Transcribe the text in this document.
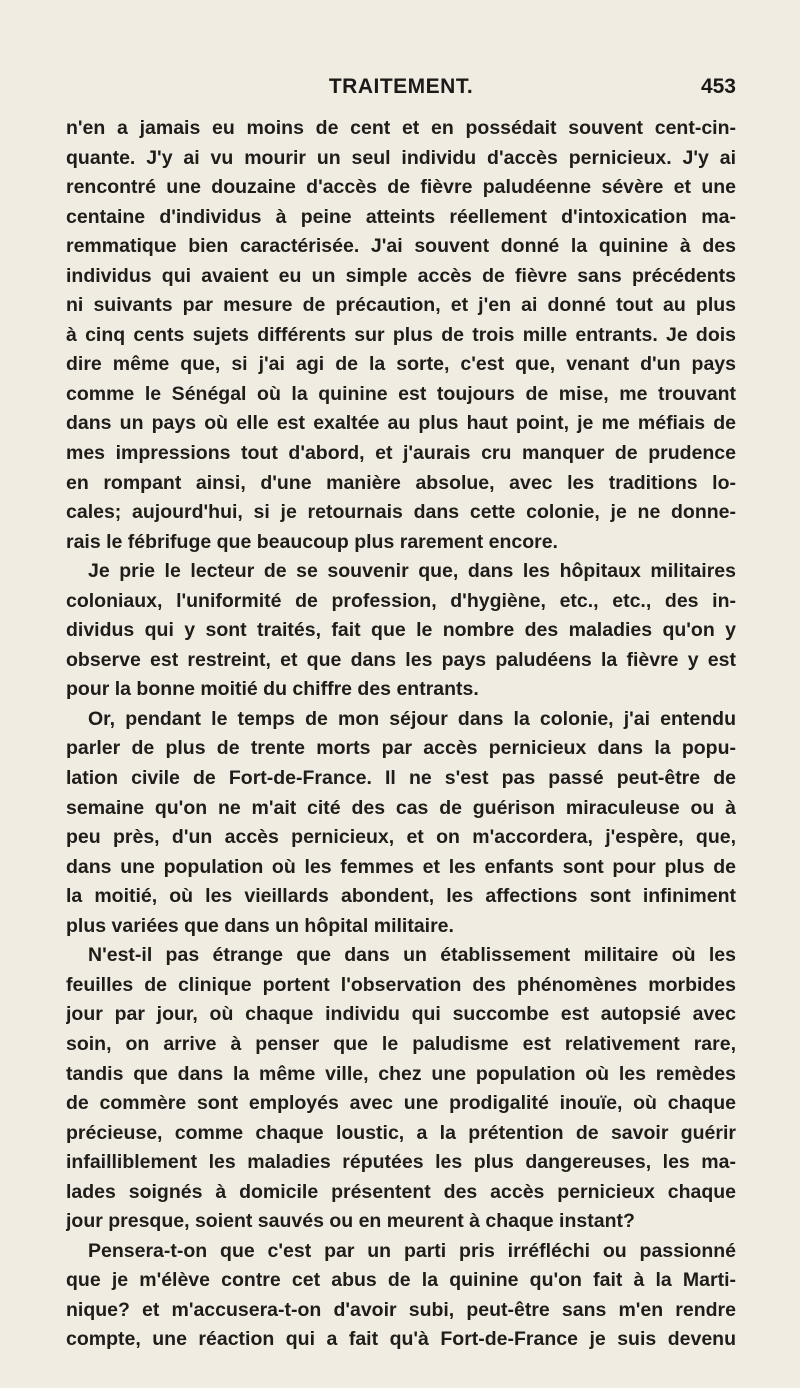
TRAITEMENT.	453
n'en a jamais eu moins de cent et en possédait souvent cent-cin-
quante. J'y ai vu mourir un seul individu d'accès pernicieux. J'y ai
rencontré une douzaine d'accès de fièvre paludéenne sévère et une
centaine d'individus à peine atteints réellement d'intoxication ma-
remmatique bien caractérisée. J'ai souvent donné la quinine à des
individus qui avaient eu un simple accès de fièvre sans précédents
ni suivants par mesure de précaution, et j'en ai donné tout au plus
à cinq cents sujets différents sur plus de trois mille entrants. Je dois
dire même que, si j'ai agi de la sorte, c'est que, venant d'un pays
comme le Sénégal où la quinine est toujours de mise, me trouvant
dans un pays où elle est exaltée au plus haut point, je me méfiais de
mes impressions tout d'abord, et j'aurais cru manquer de prudence
en rompant ainsi, d'une manière absolue, avec les traditions lo-
cales; aujourd'hui, si je retournais dans cette colonie, je ne donne-
rais le fébrifuge que beaucoup plus rarement encore.
Je prie le lecteur de se souvenir que, dans les hôpitaux militaires
coloniaux, l'uniformité de profession, d'hygiène, etc., etc., des in-
dividus qui y sont traités, fait que le nombre des maladies qu'on y
observe est restreint, et que dans les pays paludéens la fièvre y est
pour la bonne moitié du chiffre des entrants.
Or, pendant le temps de mon séjour dans la colonie, j'ai entendu
parler de plus de trente morts par accès pernicieux dans la popu-
lation civile de Fort-de-France. Il ne s'est pas passé peut-être de
semaine qu'on ne m'ait cité des cas de guérison miraculeuse ou à
peu près, d'un accès pernicieux, et on m'accordera, j'espère, que,
dans une population où les femmes et les enfants sont pour plus de
la moitié, où les vieillards abondent, les affections sont infiniment
plus variées que dans un hôpital militaire.
N'est-il pas étrange que dans un établissement militaire où les
feuilles de clinique portent l'observation des phénomènes morbides
jour par jour, où chaque individu qui succombe est autopsié avec
soin, on arrive à penser que le paludisme est relativement rare,
tandis que dans la même ville, chez une population où les remèdes
de commère sont employés avec une prodigalité inouïe, où chaque
précieuse, comme chaque loustic, a la prétention de savoir guérir
infailliblement les maladies réputées les plus dangereuses, les ma-
lades soignés à domicile présentent des accès pernicieux chaque
jour presque, soient sauvés ou en meurent à chaque instant?
Pensera-t-on que c'est par un parti pris irréfléchi ou passionné
que je m'élève contre cet abus de la quinine qu'on fait à la Marti-
nique? et m'accusera-t-on d'avoir subi, peut-être sans m'en rendre
compte, une réaction qui a fait qu'à Fort-de-France je suis devenu
